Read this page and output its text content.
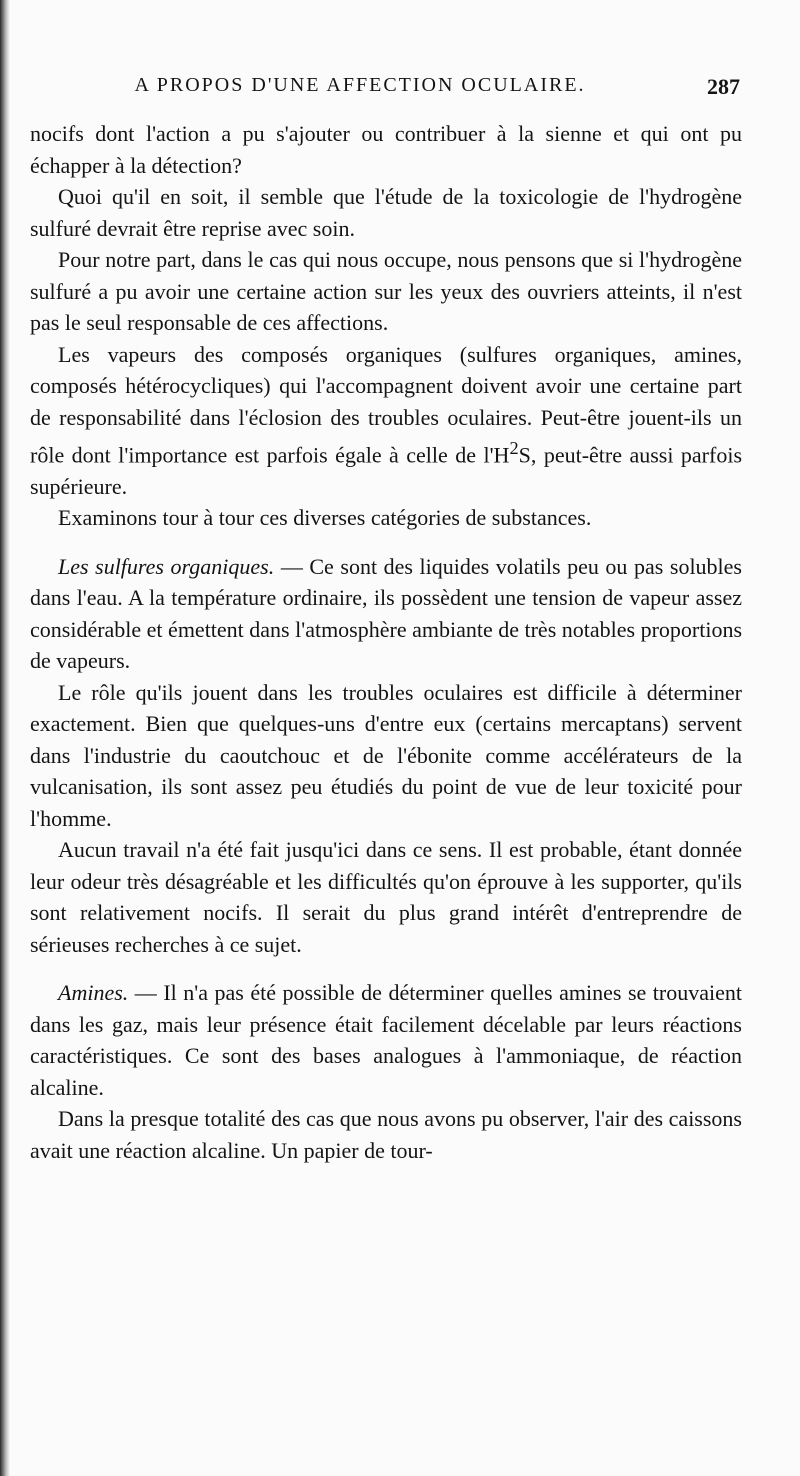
A PROPOS D'UNE AFFECTION OCULAIRE.	287

nocifs dont l'action a pu s'ajouter ou contribuer à la sienne et qui ont pu échapper à la détection?

Quoi qu'il en soit, il semble que l'étude de la toxicologie de l'hydrogène sulfuré devrait être reprise avec soin.

Pour notre part, dans le cas qui nous occupe, nous pensons que si l'hydrogène sulfuré a pu avoir une certaine action sur les yeux des ouvriers atteints, il n'est pas le seul responsable de ces affections.

Les vapeurs des composés organiques (sulfures organiques, amines, composés hétérocycliques) qui l'accompagnent doivent avoir une certaine part de responsabilité dans l'éclosion des troubles oculaires. Peut-être jouent-ils un rôle dont l'importance est parfois égale à celle de $l'H^2S$, peut-être aussi parfois supérieure.

Examinons tour à tour ces diverses catégories de substances.

Les sulfures organiques. — Ce sont des liquides volatils peu ou pas solubles dans l'eau. A la température ordinaire, ils possèdent une tension de vapeur assez considérable et émettent dans l'atmosphère ambiante de très notables proportions de vapeurs.

Le rôle qu'ils jouent dans les troubles oculaires est difficile à déterminer exactement. Bien que quelques-uns d'entre eux (certains mercaptans) servent dans l'industrie du caoutchouc et de l'ébonite comme accélérateurs de la vulcanisation, ils sont assez peu étudiés du point de vue de leur toxicité pour l'homme.

Aucun travail n'a été fait jusqu'ici dans ce sens. Il est probable, étant donnée leur odeur très désagréable et les difficultés qu'on éprouve à les supporter, qu'ils sont relativement nocifs. Il serait du plus grand intérêt d'entreprendre de sérieuses recherches à ce sujet.

Amines. — Il n'a pas été possible de déterminer quelles amines se trouvaient dans les gaz, mais leur présence était facilement décelable par leurs réactions caractéristiques. Ce sont des bases analogues à l'ammoniaque, de réaction alcaline.

Dans la presque totalité des cas que nous avons pu observer, l'air des caissons avait une réaction alcaline. Un papier de tour-
